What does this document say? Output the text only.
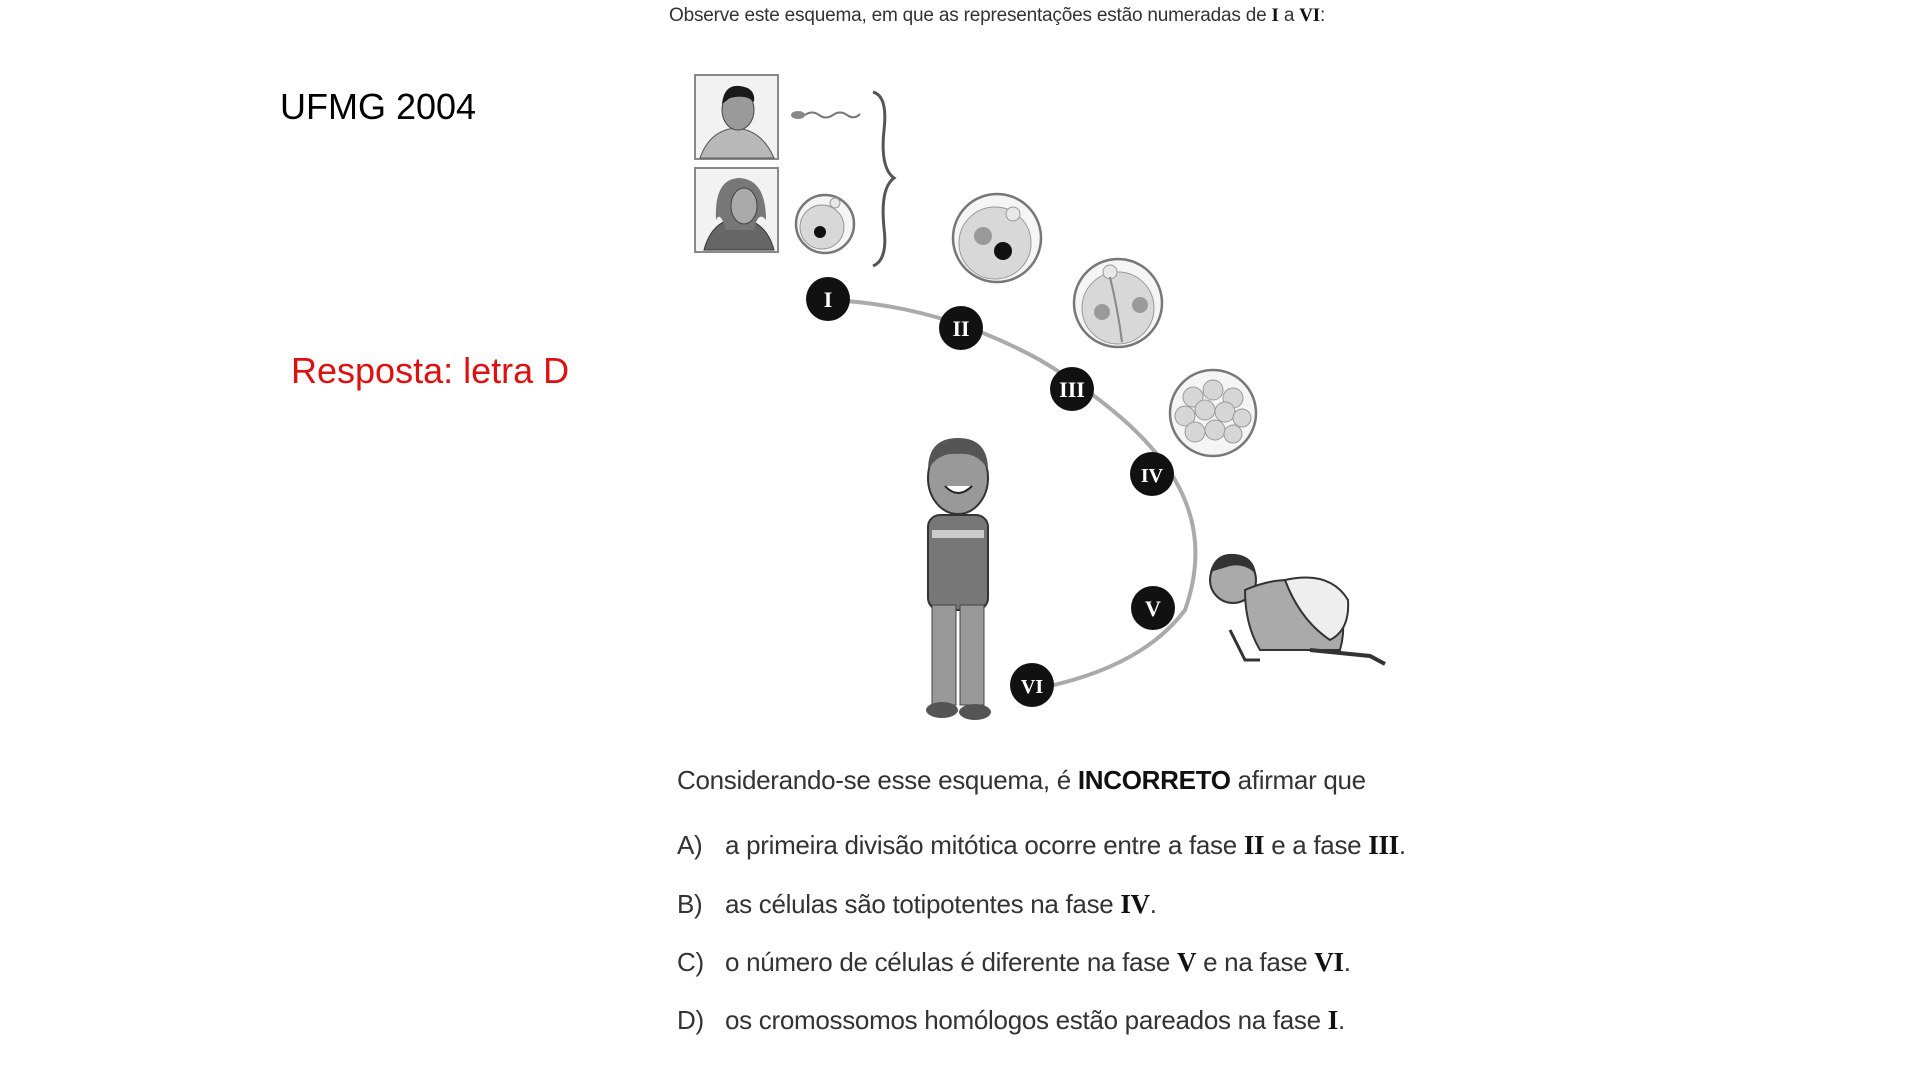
UFMG 2004
Resposta: letra D
Observe este esquema, em que as representações estão numeradas de I a VI:
I
II
III
IV
V
VI
Considerando-se esse esquema, é INCORRETO afirmar que
A) a primeira divisão mitótica ocorre entre a fase II e a fase III.
B) as células são totipotentes na fase IV.
C) o número de células é diferente na fase V e na fase VI.
D) os cromossomos homólogos estão pareados na fase I.
